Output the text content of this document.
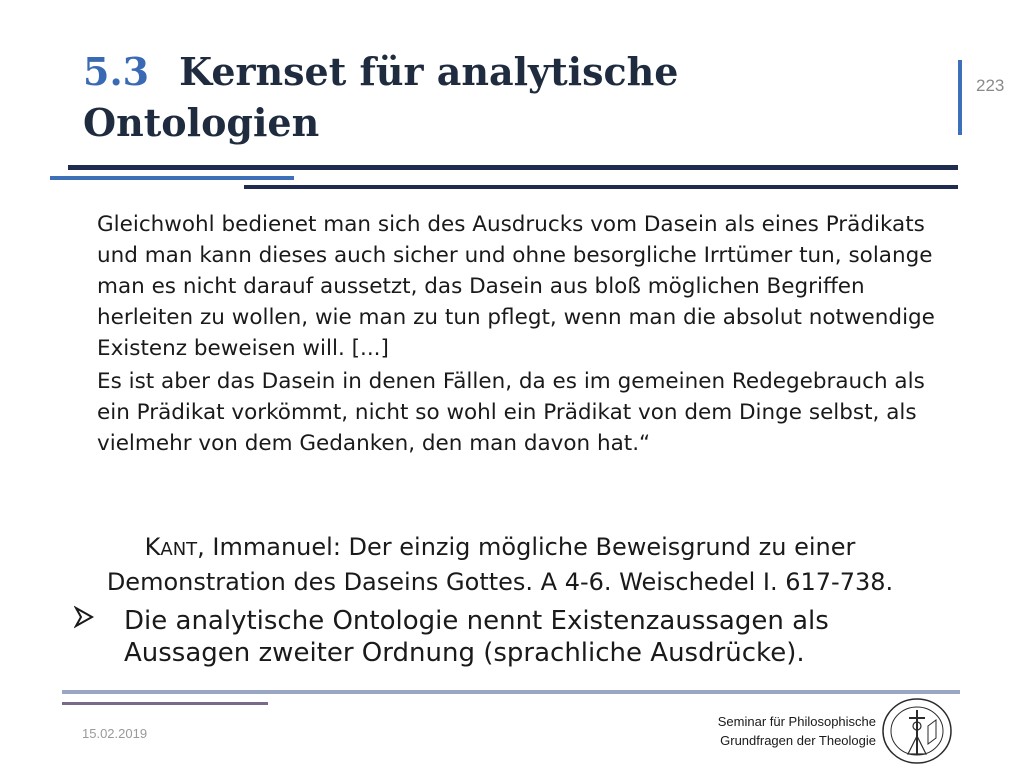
5.3 Kernset für analytische
Ontologien
223

Gleichwohl bedienet man sich des Ausdrucks vom Dasein als eines Prädikats und man kann dieses auch sicher und ohne besorgliche Irrtümer tun, solange man es nicht darauf aussetzt, das Dasein aus bloß möglichen Begriffen herleiten zu wollen, wie man zu tun pflegt, wenn man die absolut notwendige Existenz beweisen will. [...]

Es ist aber das Dasein in denen Fällen, da es im gemeinen Redegebrauch als ein Prädikat vorkömmt, nicht so wohl ein Prädikat von dem Dinge selbst, als vielmehr von dem Gedanken, den man davon hat.“

KANT, Immanuel: Der einzig mögliche Beweisgrund zu einer
Demonstration des Daseins Gottes. A 4-6. Weischedel I. 617-738.
Die analytische Ontologie nennt Existenzaussagen als Aussagen zweiter Ordnung (sprachliche Ausdrücke).
15.02.2019
Seminar für Philosophische
Grundfragen der Theologie
